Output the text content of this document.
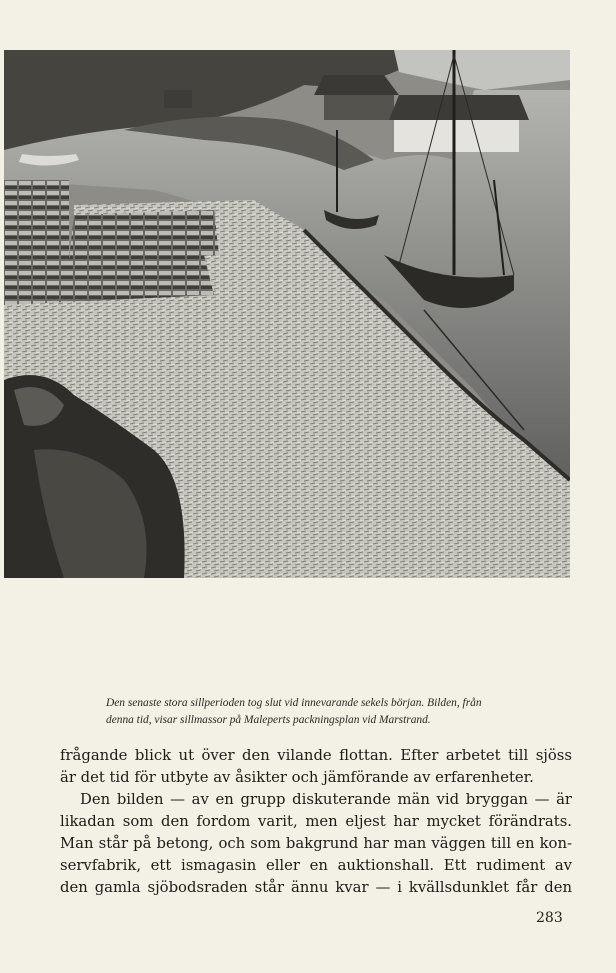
Den senaste stora sillperioden tog slut vid innevarande sekels början. Bilden, från

denna tid, visar sillmassor på Maleperts packningsplan vid Marstrand.

frågande blick ut över den vilande flottan. Efter arbetet till sjöss
är det tid för utbyte av åsikter och jämförande av erfarenheter.
Den bilden — av en grupp diskuterande män vid bryggan — är
likadan som den fordom varit, men eljest har mycket förändrats.
Man står på betong, och som bakgrund har man väggen till en kon-
servfabrik, ett ismagasin eller en auktionshall. Ett rudiment av
den gamla sjöbodsraden står ännu kvar — i kvällsdunklet får den
283
